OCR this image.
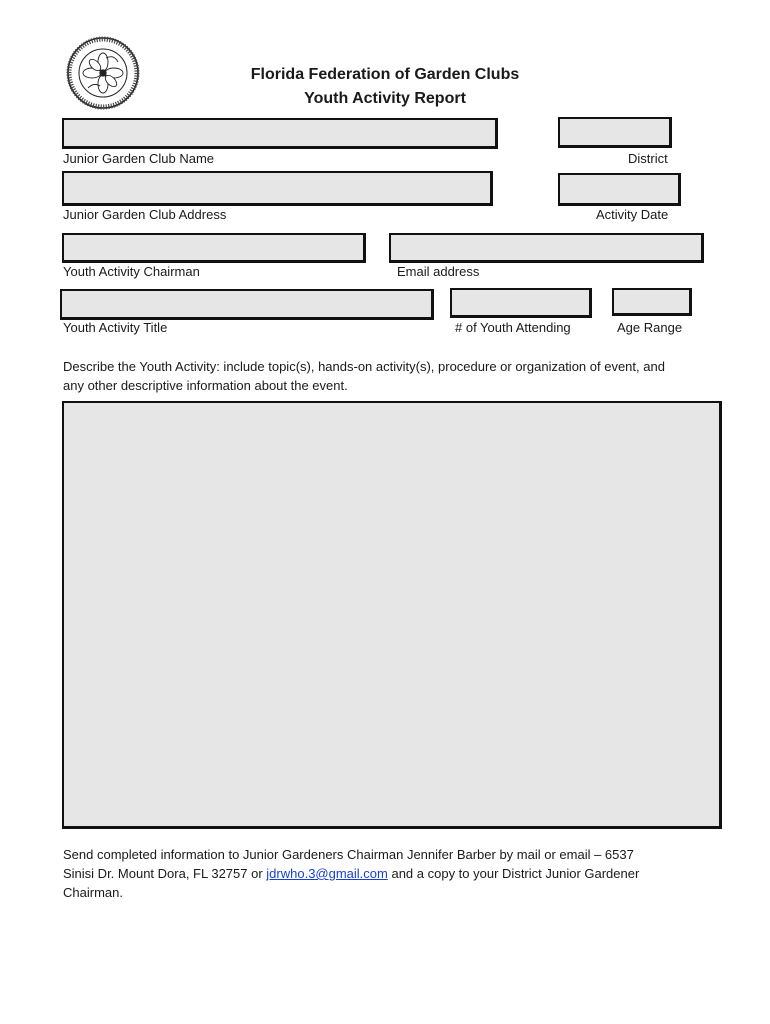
Florida Federation of Garden Clubs
Youth Activity Report
Junior Garden Club Name	District
Junior Garden Club Address	Activity Date
Youth Activity Chairman	Email address
Youth Activity Title	# of Youth Attending	Age Range
Describe the Youth Activity: include topic(s), hands-on activity(s), procedure or organization of event, and
any other descriptive information about the event.
Send completed information to Junior Gardeners Chairman Jennifer Barber by mail or email – 6537
Sinisi Dr. Mount Dora, FL 32757 or jdrwho.3@gmail.com and a copy to your District Junior Gardener
Chairman.
